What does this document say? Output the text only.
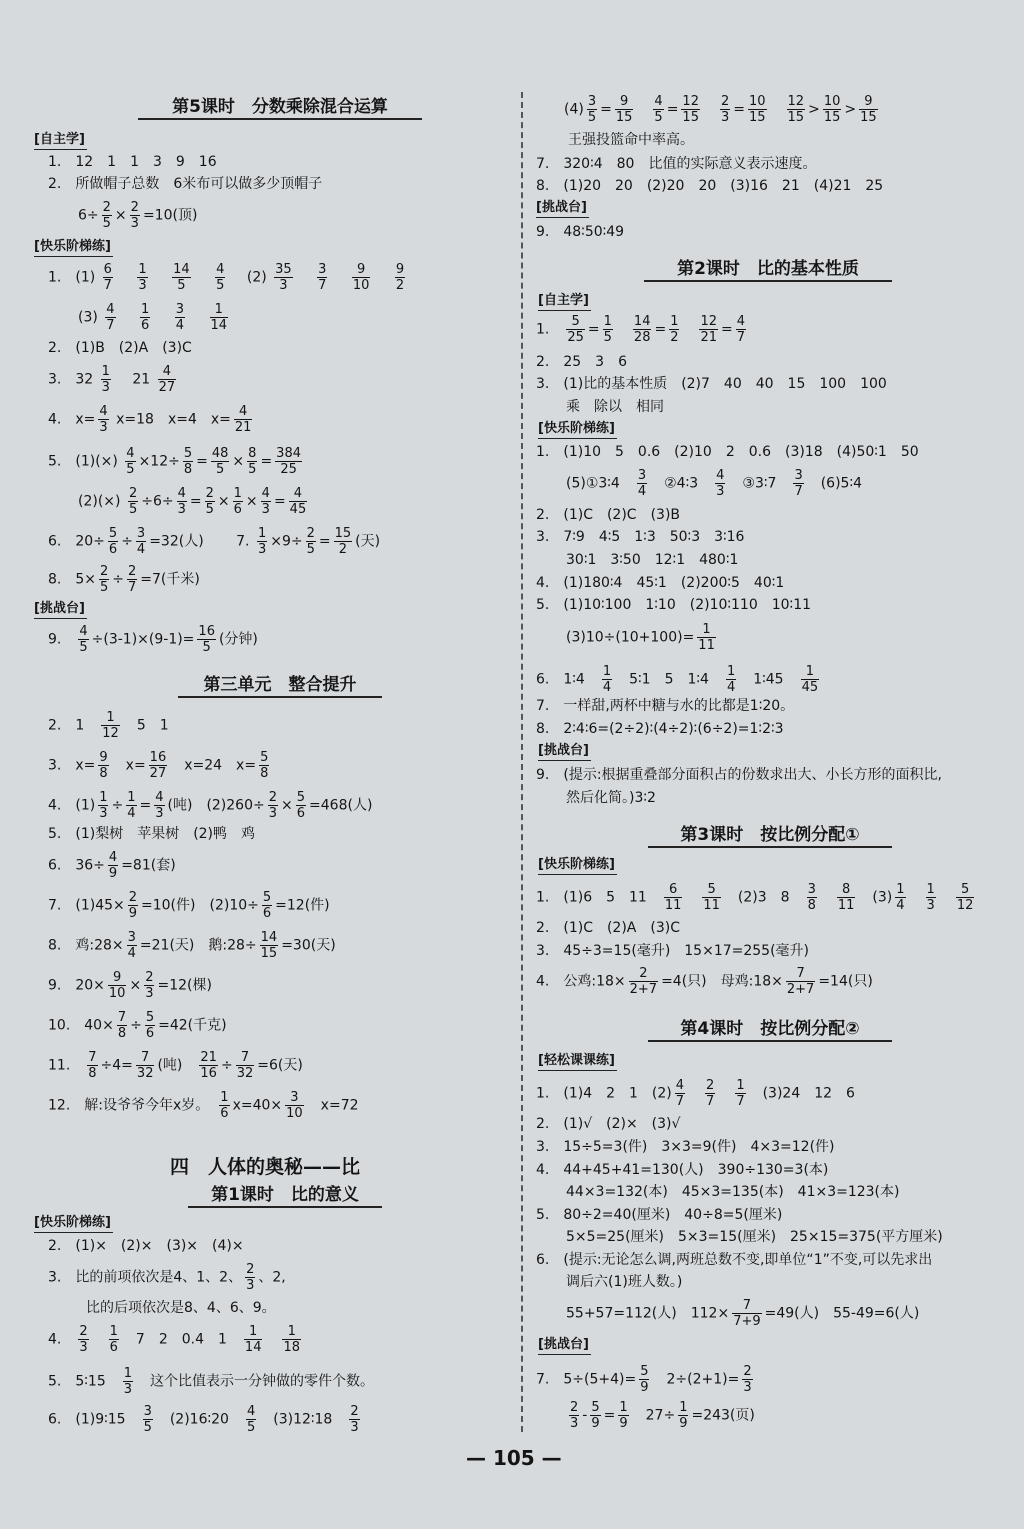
第5课时　分数乘除混合运算
[自主学]
1.　12　1　1　3　9　16
2.　所做帽子总数　6米布可以做多少顶帽子
$6\div \frac{2}{5} \times \frac{2}{3} =10$(顶)
[快乐阶梯练]
1.　$(1) \frac{6}{7}$
　 $\frac{1}{3}$
　 $\frac{14}{5}$
　 $\frac{4}{5}$
　 $(2) \frac{35}{3}$
　 $\frac{3}{7}$
　 $\frac{9}{10}$
　 $\frac{9}{2}$
$(3) \frac{4}{7}$
　 $\frac{1}{6}$
　 $\frac{3}{4}$
　 $\frac{1}{14}$
2.　(1)B　(2)A　(3)C
3.　$32 \frac{1}{3}$
　 $21 \frac{4}{27}$
4.　$x= \frac{4}{3} x=18$　x=4　$x= \frac{4}{21}$
5.　$(1)(\times) \frac{4}{5} \times 12\div \frac{5}{8} = \frac{48}{5} \times \frac{8}{5} = \frac{384}{25}$
$(2)(\times) \frac{2}{5} \div 6\div \frac{4}{3} = \frac{2}{5} \times \frac{1}{6} \times \frac{4}{3} = \frac{4}{45}$
6.　$20\div \frac{5}{6} \div \frac{3}{4} =32$(人)　　 7. $\frac{1}{3} \times 9\div \frac{2}{5} = \frac{15}{2}$ (天)
8.　$5\times \frac{2}{5} \div \frac{2}{7} =7$(千米)
[挑战台]
9.　 $\frac{4}{5} \div(3-1)\times(9-1)= \frac{16}{5}$ (分钟)
第三单元　整合提升
2.　1　 $\frac{1}{12}$
　 5　1
3.　$x= \frac{9}{8}$
　 $x= \frac{16}{27}$
　 x=24　$x= \frac{5}{8}$
4.　$(1) \frac{1}{3} \div \frac{1}{4} = \frac{4}{3}$ (吨)　$(2)260\div \frac{2}{3} \times \frac{5}{6} =468$(人)
5.　(1)梨树　苹果树　(2)鸭　鸡
6.　$36\div \frac{4}{9} =81$(套)
7.　$(1)45\times \frac{2}{9} =10$(件)　$(2)10\div \frac{5}{6} =12$(件)
8.　鸡:28× $\frac{3}{4} =21$(天)　鹅:28÷ $\frac{14}{15} =30$(天)
9.　$20\times \frac{9}{10} \times \frac{2}{3} =12$(棵)
10.　$40\times \frac{7}{8} \div \frac{5}{6} =42$(千克)
11.　 $\frac{7}{8} \div 4= \frac{7}{32}$ (吨)　 $\frac{21}{16} \div \frac{7}{32} =6$(天)
12.　解:设爷爷今年x岁。　 $\frac{1}{6} x=40\times \frac{3}{10}$
　 x=72
四　人体的奥秘——比
第1课时　比的意义
[快乐阶梯练]
2.　(1)×　(2)×　(3)×　(4)×
3.　比的前项依次是4、1、2、 $\frac{2}{3}$ 、2,
比的后项依次是8、4、6、9。
4.　 $\frac{2}{3}$
　 $\frac{1}{6}$
　 7　2　0.4　1　 $\frac{1}{14}$
　 $\frac{1}{18}$
5.　5∶15　 $\frac{1}{3}$
　 这个比值表示一分钟做的零件个数。
6.　(1)9∶15　 $\frac{3}{5}$
　 (2)16∶20　 $\frac{4}{5}$
　 (3)12∶18　 $\frac{2}{3}$
$(4) \frac{3}{5} = \frac{9}{15}$
　 $\frac{4}{5} = \frac{12}{15}$
　 $\frac{2}{3} = \frac{10}{15}$
　 $\frac{12}{15} > \frac{10}{15} > \frac{9}{15}$
王强投篮命中率高。
7.　320∶4　80　比值的实际意义表示速度。
8.　(1)20　20　(2)20　20　(3)16　21　(4)21　25
[挑战台]
9.　48∶50∶49
第2课时　比的基本性质
[自主学]
1.　 $\frac{5}{25} = \frac{1}{5}$
　 $\frac{14}{28} = \frac{1}{2}$
　 $\frac{12}{21} = \frac{4}{7}$
2.　25　3　6
3.　(1)比的基本性质　(2)7　40　40　15　100　100
乘　除以　相同
[快乐阶梯练]
1.　(1)10　5　0.6　(2)10　2　0.6　(3)18　(4)50∶1　50
(5)①3∶4　 $\frac{3}{4}$
　 ②4∶3　 $\frac{4}{3}$
　 ③3∶7　 $\frac{3}{7}$
　 (6)5∶4
2.　(1)C　(2)C　(3)B
3.　7∶9　4∶5　1∶3　50∶3　3∶16
30∶1　3∶50　12∶1　480∶1
4.　(1)180∶4　45∶1　(2)200∶5　40∶1
5.　(1)10∶100　1∶10　(2)10∶110　10∶11
$(3)10\div(10+100)= \frac{1}{11}$
6.　1∶4　 $\frac{1}{4}$
　 5∶1　5　1∶4　 $\frac{1}{4}$
　 1∶45　 $\frac{1}{45}$
7.　一样甜,两杯中糖与水的比都是1∶20。
8.　2∶4∶6=(2÷2)∶(4÷2)∶(6÷2)=1∶2∶3
[挑战台]
9.　(提示:根据重叠部分面积占的份数求出大、小长方形的面积比,
然后化简。)3∶2
第3课时　按比例分配①
[快乐阶梯练]
1.　(1)6　5　11　 $\frac{6}{11}$
　 $\frac{5}{11}$
　 (2)3　8　 $\frac{3}{8}$
　 $\frac{8}{11}$
　 $(3) \frac{1}{4}$
　 $\frac{1}{3}$
　 $\frac{5}{12}$
2.　(1)C　(2)A　(3)C
3.　45÷3=15(毫升)　15×17=255(毫升)
4.　公鸡:18× $\frac{2}{2+7} =4$(只)　母鸡:18× $\frac{7}{2+7} =14$(只)
第4课时　按比例分配②
[轻松课课练]
1.　(1)4　2　1　$(2) \frac{4}{7}$
　 $\frac{2}{7}$
　 $\frac{1}{7}$
　 (3)24　12　6
2.　(1)√　(2)×　(3)√
3.　15÷5=3(件)　3×3=9(件)　4×3=12(件)
4.　44+45+41=130(人)　390÷130=3(本)
44×3=132(本)　45×3=135(本)　41×3=123(本)
5.　80÷2=40(厘米)　40÷8=5(厘米)
5×5=25(厘米)　5×3=15(厘米)　25×15=375(平方厘米)
6.　(提示:无论怎么调,两班总数不变,即单位“1”不变,可以先求出
调后六(1)班人数。)
55+57=112(人)　$112\times \frac{7}{7+9} =49$(人)　55-49=6(人)
[挑战台]
7.　$5\div(5+4)= \frac{5}{9}$
　 $2\div(2+1)= \frac{2}{3}$
$\frac{2}{3} - \frac{5}{9} = \frac{1}{9}$
　 $27\div \frac{1}{9} =243$(页)
— 105 —
